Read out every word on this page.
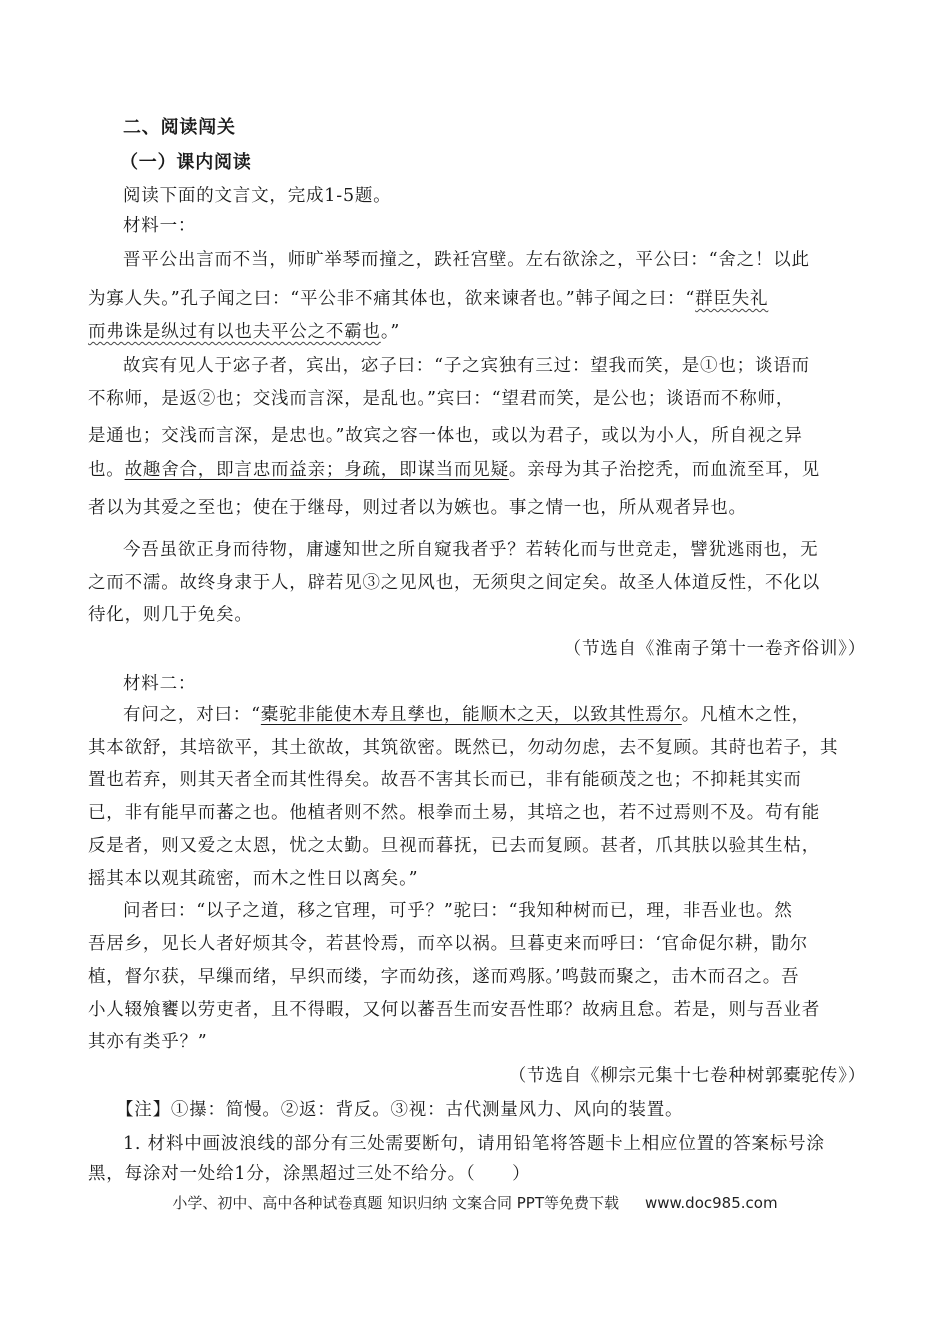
二、阅读闯关
（一）课内阅读
阅读下面的文言文，完成1-5题。
材料一：
晋平公出言而不当，师旷举琴而撞之，跌衽宫壁。左右欲涂之，平公曰：“舍之！以此
为寡人失。”孔子闻之曰：“平公非不痛其体也，欲来谏者也。”韩子闻之曰：“群臣失礼
而弗诛是纵过有以也夫平公之不霸也。”
故宾有见人于宓子者，宾出，宓子曰：“子之宾独有三过：望我而笑，是①也；谈语而
不称师，是返②也；交浅而言深，是乱也。”宾曰：“望君而笑，是公也；谈语而不称师，
是通也；交浅而言深，是忠也。”故宾之容一体也，或以为君子，或以为小人，所自视之异
也。故趣舍合，即言忠而益亲；身疏，即谋当而见疑。亲母为其子治挖秃，而血流至耳，见
者以为其爱之至也；使在于继母，则过者以为嫉也。事之情一也，所从观者异也。
今吾虽欲正身而待物，庸遽知世之所自窥我者乎？若转化而与世竞走，譬犹逃雨也，无
之而不濡。故终身隶于人，辟若见③之见风也，无须臾之间定矣。故圣人体道反性，不化以
待化，则几于免矣。
（节选自《淮南子第十一卷齐俗训》）
材料二：
有问之，对曰：“橐驼非能使木寿且孳也，能顺木之天，以致其性焉尔。凡植木之性，
其本欲舒，其培欲平，其土欲故，其筑欲密。既然已，勿动勿虑，去不复顾。其莳也若子，其
置也若弃，则其天者全而其性得矣。故吾不害其长而已，非有能硕茂之也；不抑耗其实而
已，非有能早而蕃之也。他植者则不然。根拳而土易，其培之也，若不过焉则不及。苟有能
反是者，则又爱之太恩，忧之太勤。旦视而暮抚，已去而复顾。甚者，爪其肤以验其生枯，
摇其本以观其疏密，而木之性日以离矣。”
问者曰：“以子之道，移之官理，可乎？”驼曰：“我知种树而已，理，非吾业也。然
吾居乡，见长人者好烦其令，若甚怜焉，而卒以祸。旦暮吏来而呼曰：‘官命促尔耕，勖尔
植，督尔获，早缫而绪，早织而缕，字而幼孩，遂而鸡豚。’鸣鼓而聚之，击木而召之。吾
小人辍飧饔以劳吏者，且不得暇，又何以蕃吾生而安吾性耶？故病且怠。若是，则与吾业者
其亦有类乎？”
（节选自《柳宗元集十七卷种树郭橐驼传》）
【注】①㩧：简慢。②返：背反。③视：古代测量风力、风向的装置。
1. 材料中画波浪线的部分有三处需要断句，请用铅笔将答题卡上相应位置的答案标号涂
黑，每涂对一处给1分，涂黑超过三处不给分。（　　）
小学、初中、高中各种试卷真题 知识归纳 文案合同 PPT等免费下载 www.doc985.com
